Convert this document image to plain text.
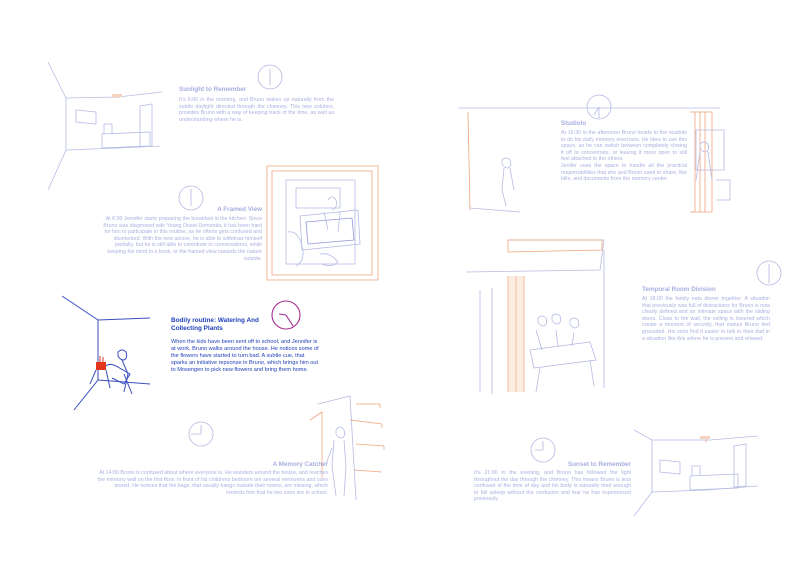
Sunlight to Remember
It's 6:00 in the morning, and Bruno wakes up naturally from the subtle daylight directed through the chimney. This new solution, provides Bruno with a way of keeping track of the time, as well as understanding where he is.
A Framed View
At 6:30 Jennifer starts preparing the breakfast in the kitchen. Since Bruno was diagnosed with Young Onset Dementia, it has been hard for him to participate in this routine, as he oftens gets confused and disoriented. With the new alcove, he is able to withdraw himself partially, but he is still able to contribute to conversations, while keeping his mind in a book, or the framed view towards the nature outside.
Bodily routine: Watering And Collecting Plants
When the kids have been sent off to school, and Jennifer is at work, Bruno walks around the house. He notices some of the flowers have started to turn bad. A subtle cue, that sparks an initiative repsonse in Bruno, which brings him out to Mosengen to pick new flowers and bring them home.
A Memory Catcher
At 14:00 Bruno is confused about where everyone is. He wanders around the house, and reaches the memory wall on the first floor. In front of his childrens bedroom are several memories and cues stored. He notices that the bags, that usually hangs outside their rooms, are missing, which reminds him that he two sons are in school.
Studiolo
At 16:30 in the afternoon Bruno heads to the studiolo to do his daily memory exercises. He likes to use this space, as he can switch between completely closing it off to concentrate, or leaving it more open to still feel attached to the others.
Jenifer uses the space to handle all the practical responsibilities that she and Bruno used to share, like bills, and documents from the memory center.
Temporal Room Division
At 18:00 the family eats dinner together. A situation that previously was full of distractions for Bruno is now clearly defined and an intimate space with the sliding doors. Close to the wall, the ceiling is lowered which create a moment of security, that makes Bruno feel grounded. His sons find it easier to talk to their dad in a situation like this where he is present and relaxed.
Sunset to Remember
It's 21:00 in the evening, and Bruno has followed the light throughout the day through the chimney. This means Bruno is less confused of the time of day and his body is naturally tired enough to fall asleep without the confusion and fear he has experienced previously.
